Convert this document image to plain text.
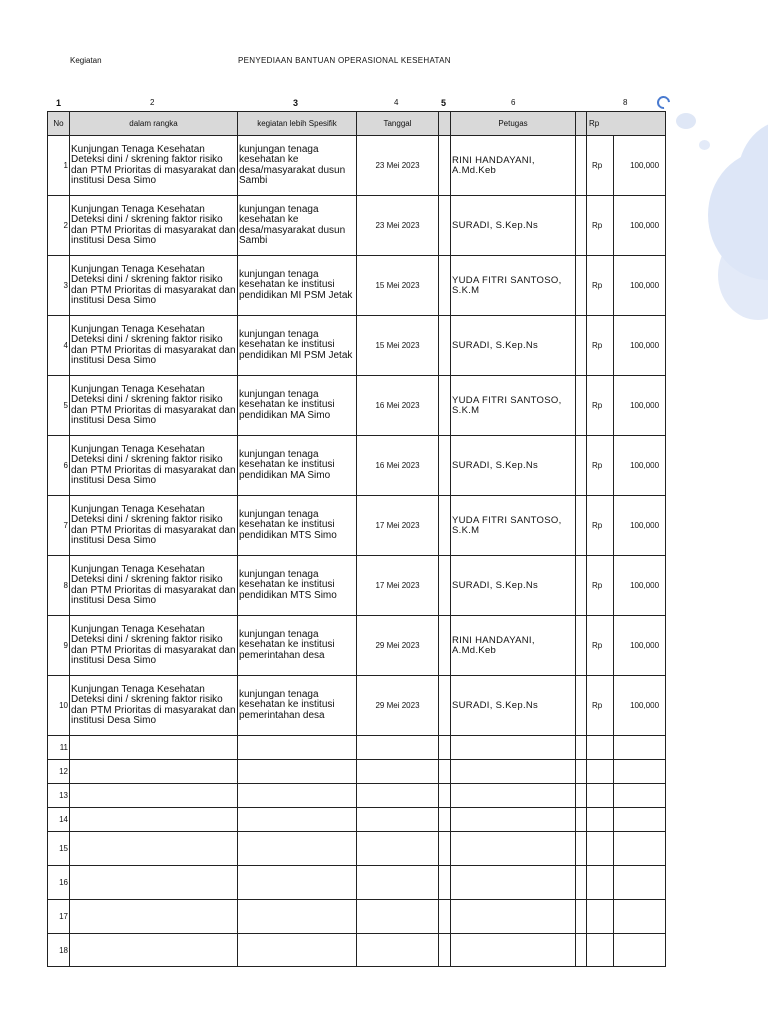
Kegiatan	PENYEDIAAN BANTUAN OPERASIONAL KESEHATAN
1	2	3	4	5	6	8
No	dalam rangka	kegiatan lebih Spesifik	Tanggal		Petugas		Rp	
1	Kunjungan Tenaga Kesehatan Deteksi dini / skrening faktor risiko dan PTM Prioritas di masyarakat dan institusi Desa Simo	kunjungan tenaga kesehatan ke desa/masyarakat dusun Sambi	23 Mei 2023		RINI HANDAYANI, A.Md.Keb		Rp	100,000
2	Kunjungan Tenaga Kesehatan Deteksi dini / skrening faktor risiko dan PTM Prioritas di masyarakat dan institusi Desa Simo	kunjungan tenaga kesehatan ke desa/masyarakat dusun Sambi	23 Mei 2023		SURADI, S.Kep.Ns		Rp	100,000
3	Kunjungan Tenaga Kesehatan Deteksi dini / skrening faktor risiko dan PTM Prioritas di masyarakat dan institusi Desa Simo	kunjungan tenaga kesehatan ke institusi pendidikan MI PSM Jetak	15 Mei 2023		YUDA FITRI SANTOSO, S.K.M		Rp	100,000
4	Kunjungan Tenaga Kesehatan Deteksi dini / skrening faktor risiko dan PTM Prioritas di masyarakat dan institusi Desa Simo	kunjungan tenaga kesehatan ke institusi pendidikan MI PSM Jetak	15 Mei 2023		SURADI, S.Kep.Ns		Rp	100,000
5	Kunjungan Tenaga Kesehatan Deteksi dini / skrening faktor risiko dan PTM Prioritas di masyarakat dan institusi Desa Simo	kunjungan tenaga kesehatan ke institusi pendidikan MA Simo	16 Mei 2023		YUDA FITRI SANTOSO, S.K.M		Rp	100,000
6	Kunjungan Tenaga Kesehatan Deteksi dini / skrening faktor risiko dan PTM Prioritas di masyarakat dan institusi Desa Simo	kunjungan tenaga kesehatan ke institusi pendidikan MA Simo	16 Mei 2023		SURADI, S.Kep.Ns		Rp	100,000
7	Kunjungan Tenaga Kesehatan Deteksi dini / skrening faktor risiko dan PTM Prioritas di masyarakat dan institusi Desa Simo	kunjungan tenaga kesehatan ke institusi pendidikan MTS Simo	17 Mei 2023		YUDA FITRI SANTOSO, S.K.M		Rp	100,000
8	Kunjungan Tenaga Kesehatan Deteksi dini / skrening faktor risiko dan PTM Prioritas di masyarakat dan institusi Desa Simo	kunjungan tenaga kesehatan ke institusi pendidikan MTS Simo	17 Mei 2023		SURADI, S.Kep.Ns		Rp	100,000
9	Kunjungan Tenaga Kesehatan Deteksi dini / skrening faktor risiko dan PTM Prioritas di masyarakat dan institusi Desa Simo	kunjungan tenaga kesehatan ke institusi pemerintahan desa	29 Mei 2023		RINI HANDAYANI, A.Md.Keb		Rp	100,000
10	Kunjungan Tenaga Kesehatan Deteksi dini / skrening faktor risiko dan PTM Prioritas di masyarakat dan institusi Desa Simo	kunjungan tenaga kesehatan ke institusi pemerintahan desa	29 Mei 2023		SURADI, S.Kep.Ns		Rp	100,000
11								
12								
13								
14								
15								
16								
17								
18								
